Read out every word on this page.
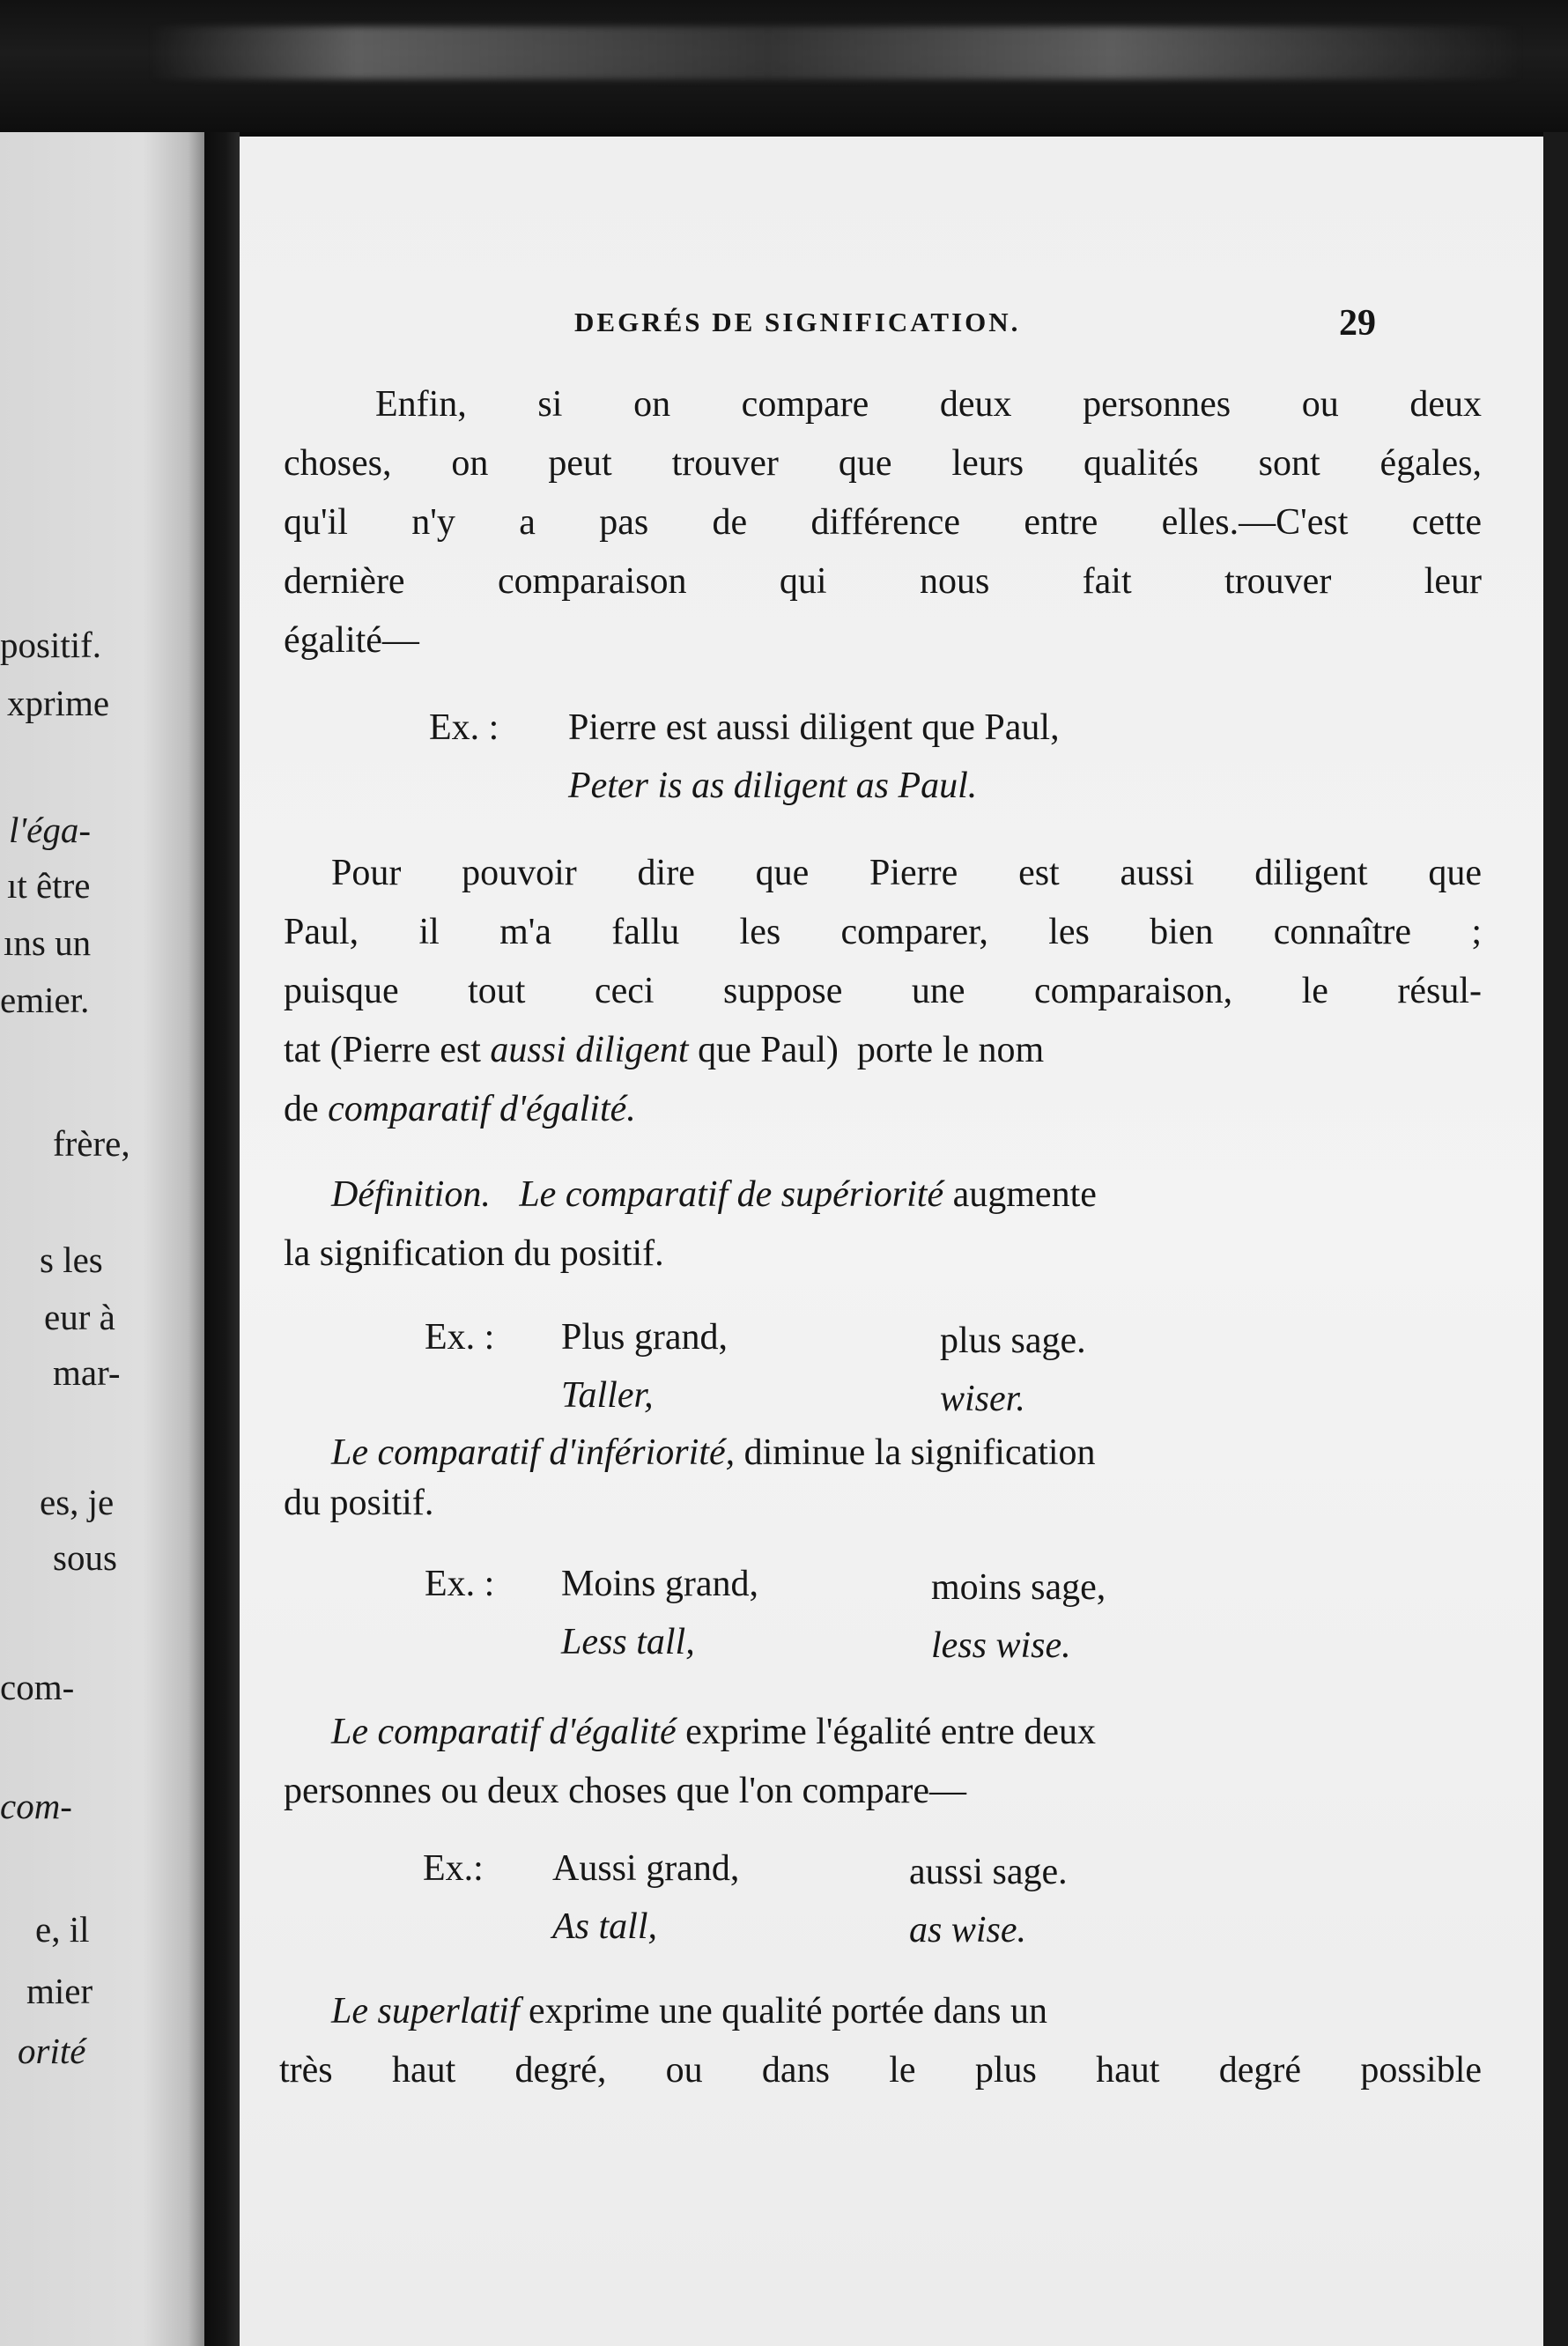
positif.
xprime
l'éga-
ıt être
ıns un
emier.
frère,
s les
eur à
mar-
es, je
sous
com-
com-
e, il
mier
orité
DEGRÉS DE SIGNIFICATION.	29
Enfin, si on compare deux personnes ou deux
choses, on peut trouver que leurs qualités sont égales,
qu'il n'y a pas de différence entre elles.—C'est cette
dernière comparaison qui nous fait trouver leur
égalité—
Ex. : Pierre est aussi diligent que Paul,
Peter is as diligent as Paul.
Pour pouvoir dire que Pierre est aussi diligent que
Paul, il m'a fallu les comparer, les bien connaître ;
puisque tout ceci suppose une comparaison, le résul-
tat (Pierre est aussi diligent que Paul)  porte le nom
de comparatif d'égalité.
Définition. Le comparatif de supériorité augmente
la signification du positif.
Ex. : Plus grand,	plus sage.
Taller,	wiser.
Le comparatif d'infériorité, diminue la signification
du positif.
Ex. : Moins grand,	moins sage,
Less tall,	less wise.
Le comparatif d'égalité exprime l'égalité entre deux
personnes ou deux choses que l'on compare—
Ex.: Aussi grand,	aussi sage.
As tall,	as wise.
Le superlatif exprime une qualité portée dans un
très haut degré, ou dans le plus haut degré possible
